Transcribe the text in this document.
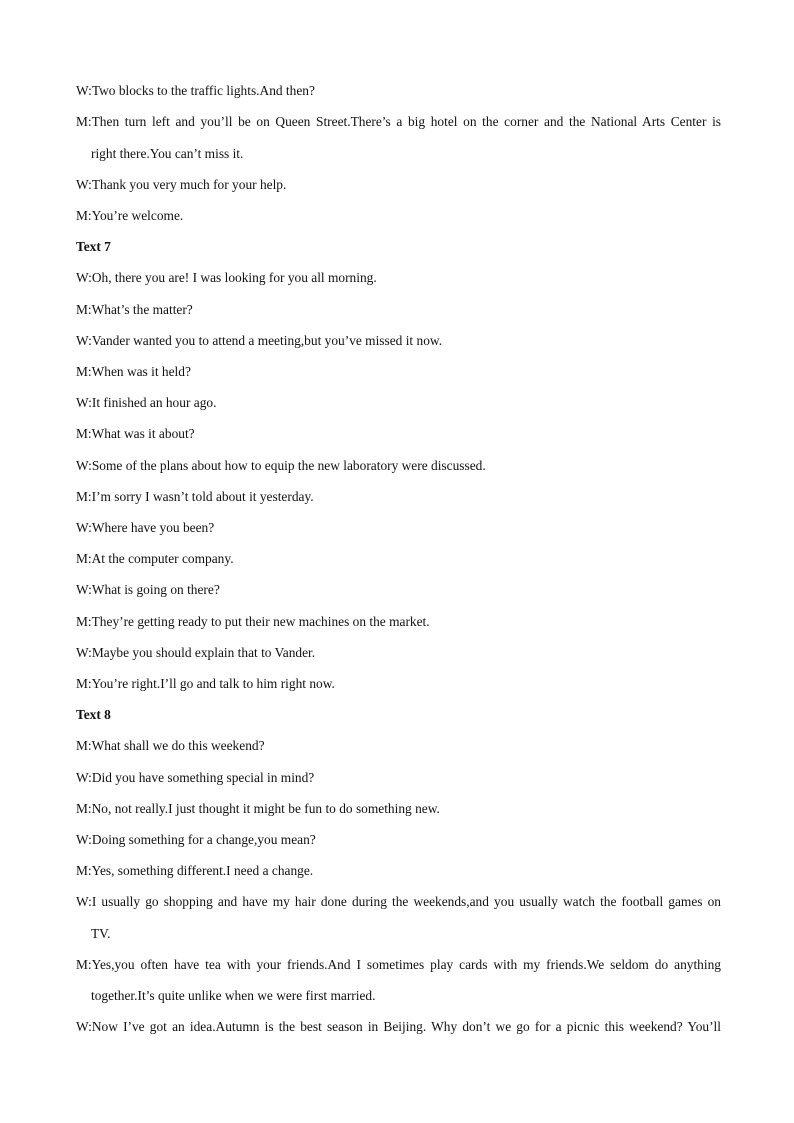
W:Two blocks to the traffic lights.And then?
M:Then turn left and you’ll be on Queen Street.There’s a big hotel on the corner and the National Arts Center is
right there.You can’t miss it.
W:Thank you very much for your help.
M:You’re welcome.
Text 7
W:Oh, there you are! I was looking for you all morning.
M:What’s the matter?
W:Vander wanted you to attend a meeting,but you’ve missed it now.
M:When was it held?
W:It finished an hour ago.
M:What was it about?
W:Some of the plans about how to equip the new laboratory were discussed.
M:I’m sorry I wasn’t told about it yesterday.
W:Where have you been?
M:At the computer company.
W:What is going on there?
M:They’re getting ready to put their new machines on the market.
W:Maybe you should explain that to Vander.
M:You’re right.I’ll go and talk to him right now.
Text 8
M:What shall we do this weekend?
W:Did you have something special in mind?
M:No, not really.I just thought it might be fun to do something new.
W:Doing something for a change,you mean?
M:Yes, something different.I need a change.
W:I usually go shopping and have my hair done during the weekends,and you usually watch the football games on
TV.
M:Yes,you often have tea with your friends.And I sometimes play cards with my friends.We seldom do anything
together.It’s quite unlike when we were first married.
W:Now I’ve got an idea.Autumn is the best season in Beijing. Why don’t we go for a picnic this weekend? You’ll
